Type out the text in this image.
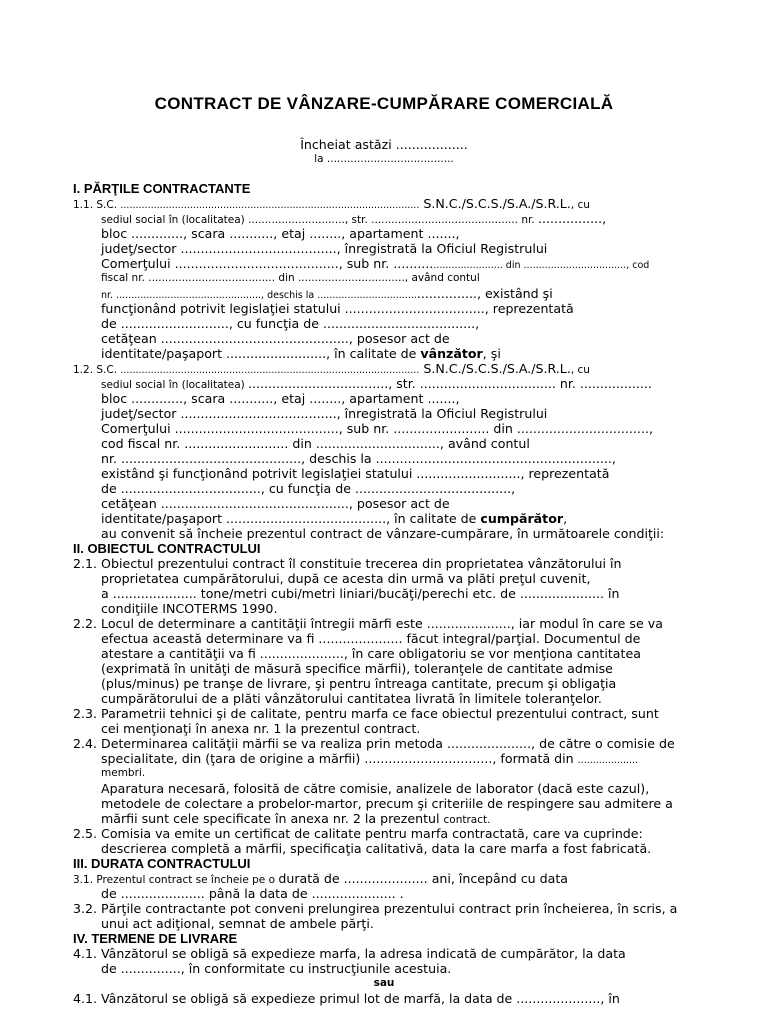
CONTRACT DE VÂNZARE-CUMPĂRARE COMERCIALĂ
Încheiat astăzi ..................
la ......................................
I. PĂRŢILE CONTRACTANTE
1.1. S.C. ................................................................................................... S.N.C./S.C.S./S.A./S.R.L., cu
sediul social în (localitatea) ............................., str. ............................................ nr. ................,
bloc ............., scara ..........., etaj ........, apartament .......,
judeţ/sector ......................................., înregistrată la Oficiul Registrului
Comerţului ........................................., sub nr. ................................. din .................................., cod
fiscal nr. ...................................... din ................................, având contul
nr. ................................................, deschis la ................................................, existând şi
funcţionând potrivit legislaţiei statului ..................................., reprezentată
de ..........................., cu funcţia de ......................................,
cetăţean ..............................................., posesor act de
identitate/paşaport ........................., în calitate de vânzător, şi
1.2. S.C. ................................................................................................... S.N.C./S.C.S./S.A./S.R.L., cu
sediul social în (localitatea) ..................................., str. .................................. nr. ..................
bloc ............., scara ..........., etaj ........, apartament .......,
judeţ/sector ......................................., înregistrată la Oficiul Registrului
Comerţului ........................................., sub nr. ........................ din .................................,
cod fiscal nr. .......................... din ..............................., având contul
nr. ............................................., deschis la ...........................................................,
existând şi funcţionând potrivit legislaţiei statului .........................., reprezentată
de ..................................., cu funcţia de .......................................,
cetăţean ..............................................., posesor act de
identitate/paşaport ........................................, în calitate de cumpărător,
au convenit să încheie prezentul contract de vânzare-cumpărare, în următoarele condiţii:
II. OBIECTUL CONTRACTULUI
2.1. Obiectul prezentului contract îl constituie trecerea din proprietatea vânzătorului în
proprietatea cumpărătorului, după ce acesta din urmă va plăti preţul cuvenit,
a ..................... tone/metri cubi/metri liniari/bucăţi/perechi etc. de ..................... în
condiţiile INCOTERMS 1990.
2.2. Locul de determinare a cantităţii întregii mărfi este ....................., iar modul în care se va
efectua această determinare va fi ..................... făcut integral/parţial. Documentul de
atestare a cantităţii va fi ....................., în care obligatoriu se vor menţiona cantitatea
(exprimată în unităţi de măsură specifice mărfii), toleranţele de cantitate admise
(plus/minus) pe tranşe de livrare, şi pentru întreaga cantitate, precum şi obligaţia
cumpărătorului de a plăti vânzătorului cantitatea livrată în limitele toleranţelor.
2.3. Parametrii tehnici şi de calitate, pentru marfa ce face obiectul prezentului contract, sunt
cei menţionaţi în anexa nr. 1 la prezentul contract.
2.4. Determinarea calităţii mărfii se va realiza prin metoda ....................., de către o comisie de
specialitate, din (ţara de origine a mărfii) ................................, formată din ....................
membri.
Aparatura necesară, folosită de către comisie, analizele de laborator (dacă este cazul),
metodele de colectare a probelor-martor, precum şi criteriile de respingere sau admitere a
mărfii sunt cele specificate în anexa nr. 2 la prezentul contract.
2.5. Comisia va emite un certificat de calitate pentru marfa contractată, care va cuprinde:
descrierea completă a mărfii, specificaţia calitativă, data la care marfa a fost fabricată.
III. DURATA CONTRACTULUI
3.1. Prezentul contract se încheie pe o durată de ..................... ani, începând cu data
de ..................... până la data de ..................... .
3.2. Părţile contractante pot conveni prelungirea prezentului contract prin încheierea, în scris, a
unui act adiţional, semnat de ambele părţi.
IV. TERMENE DE LIVRARE
4.1. Vânzătorul se obligă să expedieze marfa, la adresa indicată de cumpărător, la data
de ..............., în conformitate cu instrucţiunile acestuia.
sau
4.1. Vânzătorul se obligă să expedieze primul lot de marfă, la data de ....................., în
